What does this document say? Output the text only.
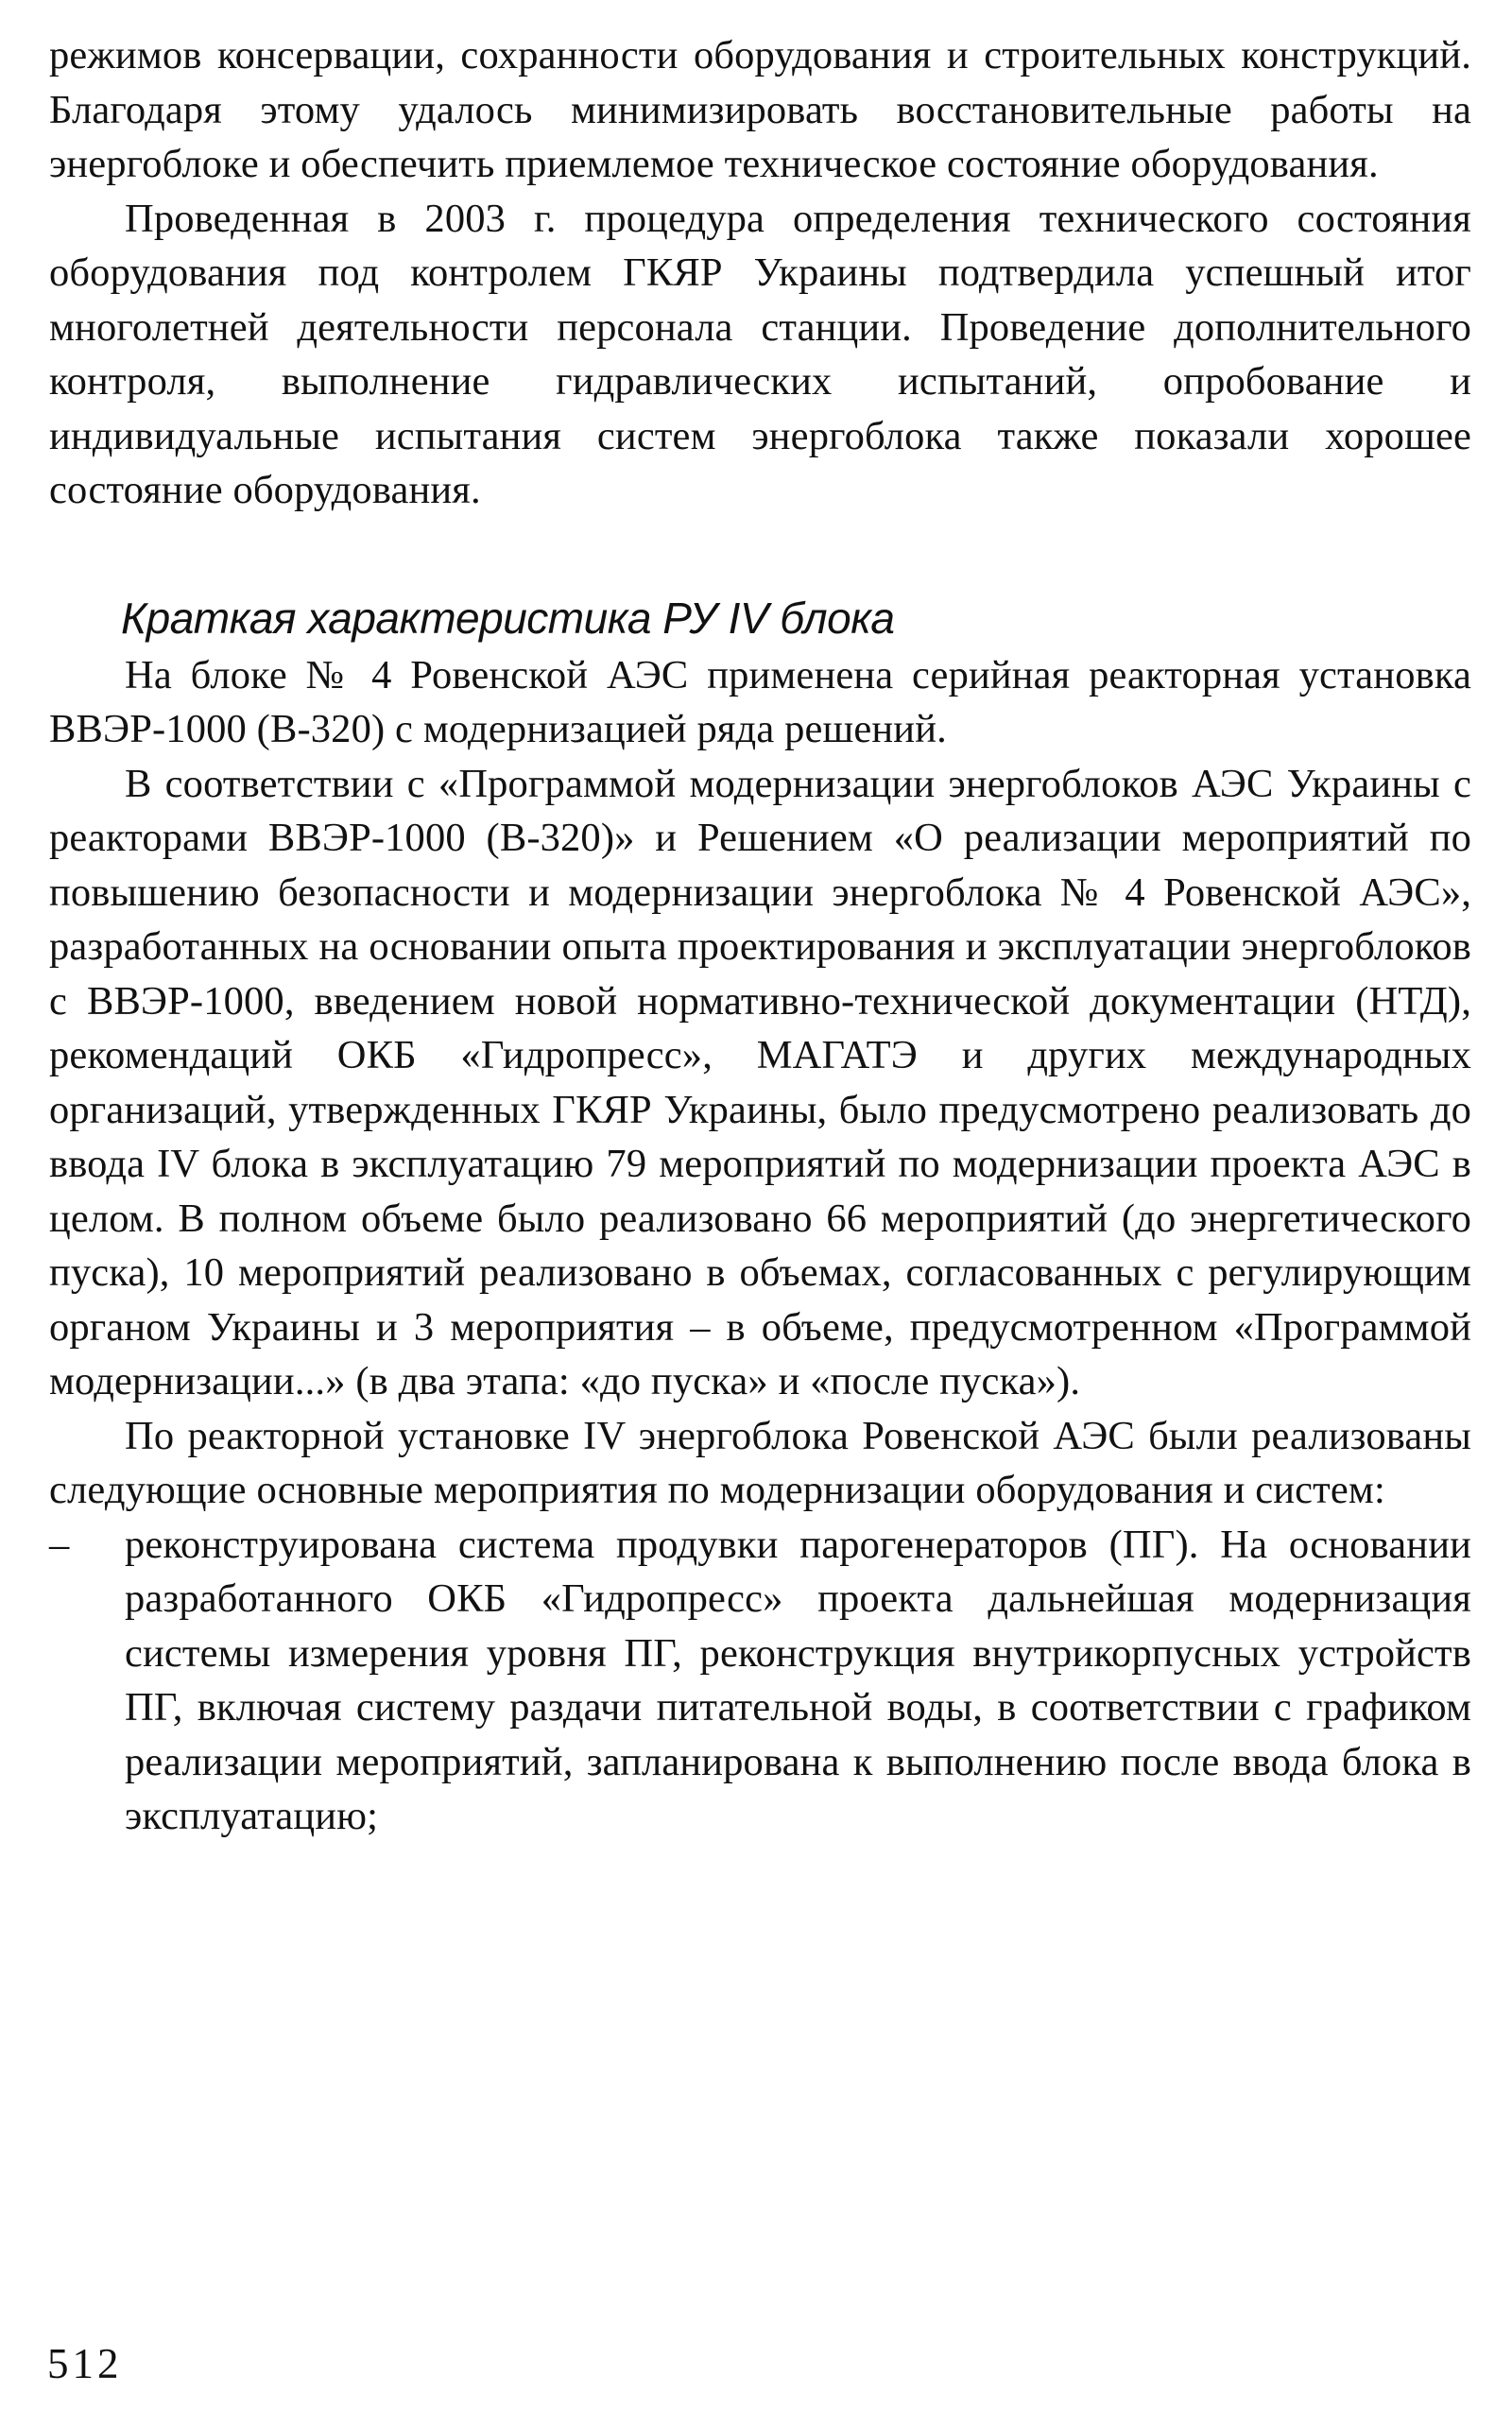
режимов консервации, сохранности оборудования и строительных конструкций. Благодаря этому удалось минимизировать восстановительные работы на энергоблоке и обеспечить приемлемое техническое состояние оборудования.

Проведенная в 2003 г. процедура определения технического состояния оборудования под контролем ГКЯР Украины подтвердила успешный итог многолетней деятельности персонала станции. Проведение дополнительного контроля, выполнение гидравлических испытаний, опробование и индивидуальные испытания систем энергоблока также показали хорошее состояние оборудования.

Краткая характеристика РУ IV блока

На блоке № 4 Ровенской АЭС применена серийная реакторная установка ВВЭР-1000 (В-320) с модернизацией ряда решений.

В соответствии с «Программой модернизации энергоблоков АЭС Украины с реакторами ВВЭР-1000 (В-320)» и Решением «О реализации мероприятий по повышению безопасности и модернизации энергоблока № 4 Ровенской АЭС», разработанных на основании опыта проектирования и эксплуатации энергоблоков с ВВЭР-1000, введением новой нормативно-технической документации (НТД), рекомендаций ОКБ «Гидропресс», МАГАТЭ и других международных организаций, утвержденных ГКЯР Украины, было предусмотрено реализовать до ввода IV блока в эксплуатацию 79 мероприятий по модернизации проекта АЭС в целом. В полном объеме было реализовано 66 мероприятий (до энергетического пуска), 10 мероприятий реализовано в объемах, согласованных с регулирующим органом Украины и 3 мероприятия – в объеме, предусмотренном «Программой модернизации...» (в два этапа: «до пуска» и «после пуска»).

По реакторной установке IV энергоблока Ровенской АЭС были реализованы следующие основные мероприятия по модернизации оборудования и систем:

– реконструирована система продувки парогенераторов (ПГ). На основании разработанного ОКБ «Гидропресс» проекта дальнейшая модернизация системы измерения уровня ПГ, реконструкция внутрикорпусных устройств ПГ, включая систему раздачи питательной воды, в соответствии с графиком реализации мероприятий, запланирована к выполнению после ввода блока в эксплуатацию;

512
